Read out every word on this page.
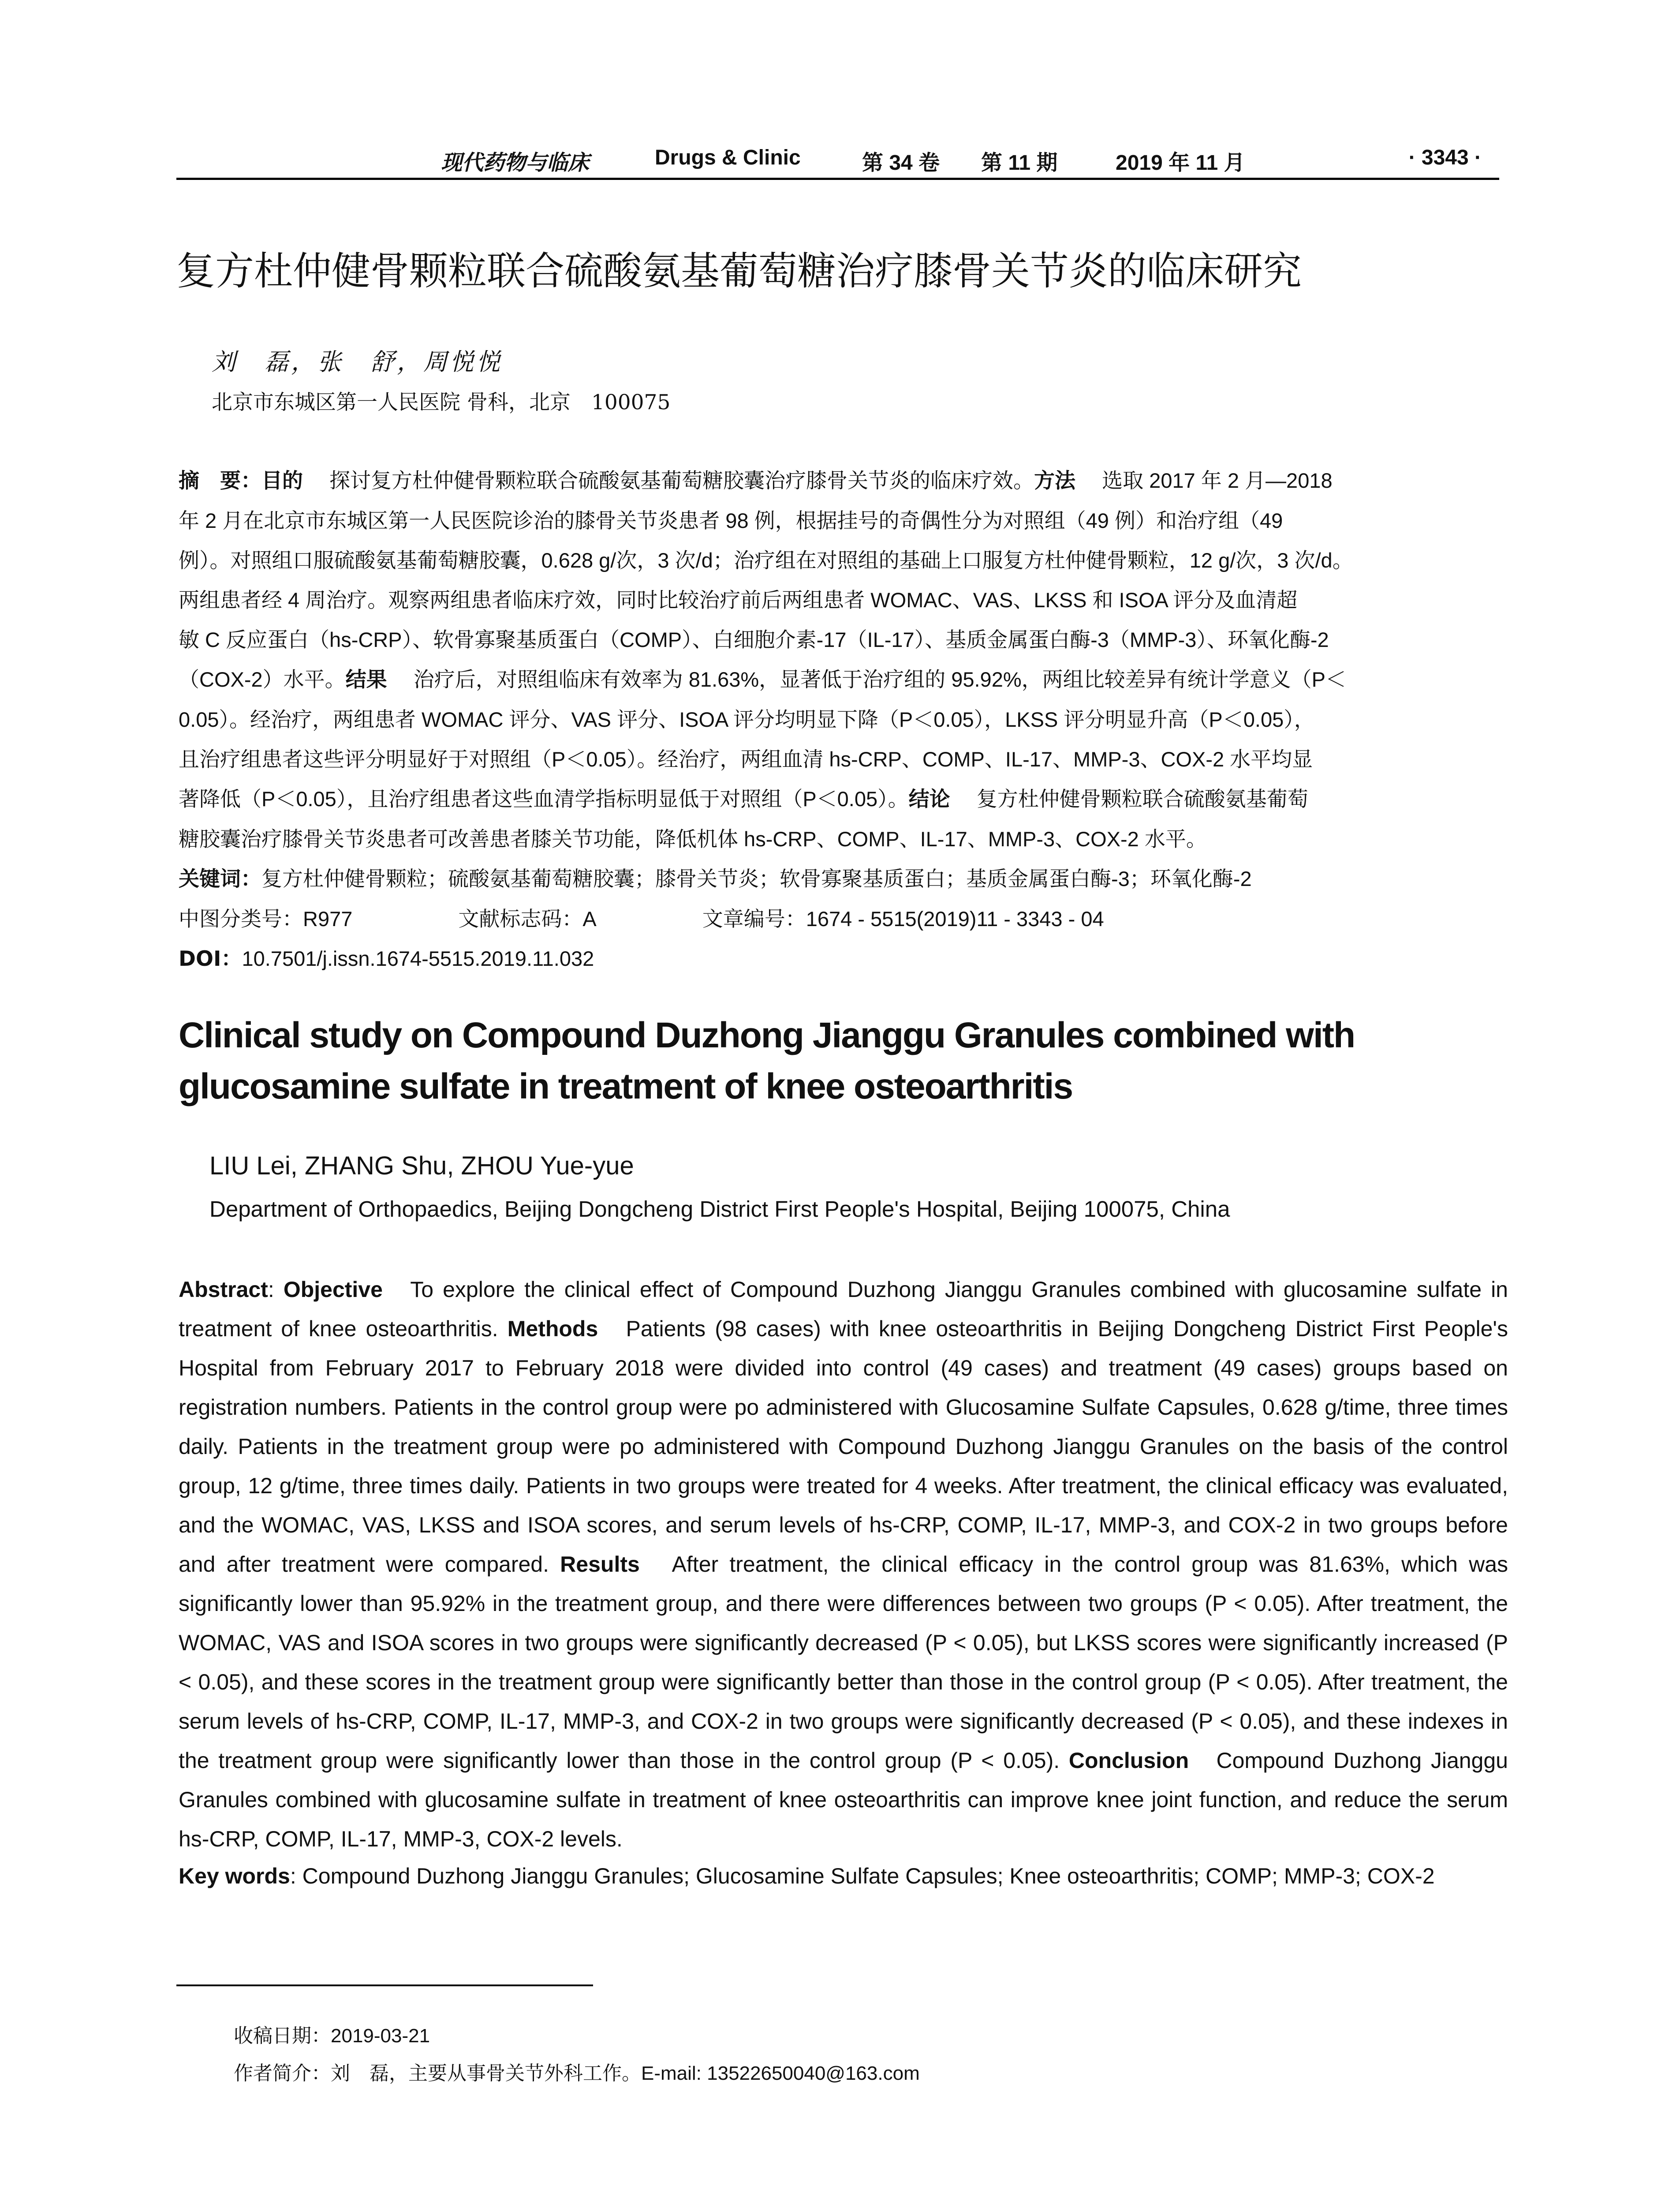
现代药物与临床	Drugs & Clinic	第 34 卷 第 11 期	2019 年 11 月	· 3343 ·
复方杜仲健骨颗粒联合硫酸氨基葡萄糖治疗膝骨关节炎的临床研究
刘　磊，张　舒，周悦悦
北京市东城区第一人民医院 骨科，北京　100075
摘　要：目的　 探讨复方杜仲健骨颗粒联合硫酸氨基葡萄糖胶囊治疗膝骨关节炎的临床疗效。方法　 选取 2017 年 2 月—2018
年 2 月在北京市东城区第一人民医院诊治的膝骨关节炎患者 98 例，根据挂号的奇偶性分为对照组（49 例）和治疗组（49
例）。对照组口服硫酸氨基葡萄糖胶囊，0.628 g/次，3 次/d；治疗组在对照组的基础上口服复方杜仲健骨颗粒，12 g/次，3 次/d。
两组患者经 4 周治疗。观察两组患者临床疗效，同时比较治疗前后两组患者 WOMAC、VAS、LKSS 和 ISOA 评分及血清超
敏 C 反应蛋白（hs-CRP）、软骨寡聚基质蛋白（COMP）、白细胞介素-17（IL-17）、基质金属蛋白酶-3（MMP-3）、环氧化酶-2
（COX-2）水平。结果　 治疗后，对照组临床有效率为 81.63%，显著低于治疗组的 95.92%，两组比较差异有统计学意义（P＜
0.05）。经治疗，两组患者 WOMAC 评分、VAS 评分、ISOA 评分均明显下降（P＜0.05），LKSS 评分明显升高（P＜0.05），
且治疗组患者这些评分明显好于对照组（P＜0.05）。经治疗，两组血清 hs-CRP、COMP、IL-17、MMP-3、COX-2 水平均显
著降低（P＜0.05），且治疗组患者这些血清学指标明显低于对照组（P＜0.05）。结论　 复方杜仲健骨颗粒联合硫酸氨基葡萄
糖胶囊治疗膝骨关节炎患者可改善患者膝关节功能，降低机体 hs-CRP、COMP、IL-17、MMP-3、COX-2 水平。
关键词：复方杜仲健骨颗粒；硫酸氨基葡萄糖胶囊；膝骨关节炎；软骨寡聚基质蛋白；基质金属蛋白酶-3；环氧化酶-2
中图分类号：R977	文献标志码：A	文章编号：1674 - 5515(2019)11 - 3343 - 04
DOI：10.7501/j.issn.1674-5515.2019.11.032
Clinical study on Compound Duzhong Jianggu Granules combined with glucosamine sulfate in treatment of knee osteoarthritis
LIU Lei, ZHANG Shu, ZHOU Yue-yue
Department of Orthopaedics, Beijing Dongcheng District First People's Hospital, Beijing 100075, China

Abstract: Objective To explore the clinical effect of Compound Duzhong Jianggu Granules combined with glucosamine sulfate in treatment of knee osteoarthritis. Methods Patients (98 cases) with knee osteoarthritis in Beijing Dongcheng District First People's Hospital from February 2017 to February 2018 were divided into control (49 cases) and treatment (49 cases) groups based on registration numbers. Patients in the control group were po administered with Glucosamine Sulfate Capsules, 0.628 g/time, three times daily. Patients in the treatment group were po administered with Compound Duzhong Jianggu Granules on the basis of the control group, 12 g/time, three times daily. Patients in two groups were treated for 4 weeks. After treatment, the clinical efficacy was evaluated, and the WOMAC, VAS, LKSS and ISOA scores, and serum levels of hs-CRP, COMP, IL-17, MMP-3, and COX-2 in two groups before and after treatment were compared. Results After treatment, the clinical efficacy in the control group was 81.63%, which was significantly lower than 95.92% in the treatment group, and there were differences between two groups (P < 0.05). After treatment, the WOMAC, VAS and ISOA scores in two groups were significantly decreased (P < 0.05), but LKSS scores were significantly increased (P < 0.05), and these scores in the treatment group were significantly better than those in the control group (P < 0.05). After treatment, the serum levels of hs-CRP, COMP, IL-17, MMP-3, and COX-2 in two groups were significantly decreased (P < 0.05), and these indexes in the treatment group were significantly lower than those in the control group (P < 0.05). Conclusion Compound Duzhong Jianggu Granules combined with glucosamine sulfate in treatment of knee osteoarthritis can improve knee joint function, and reduce the serum hs-CRP, COMP, IL-17, MMP-3, COX-2 levels.

Key words: Compound Duzhong Jianggu Granules; Glucosamine Sulfate Capsules; Knee osteoarthritis; COMP; MMP-3; COX-2
收稿日期：2019-03-21
作者简介：刘　磊，主要从事骨关节外科工作。E-mail: 13522650040@163.com
